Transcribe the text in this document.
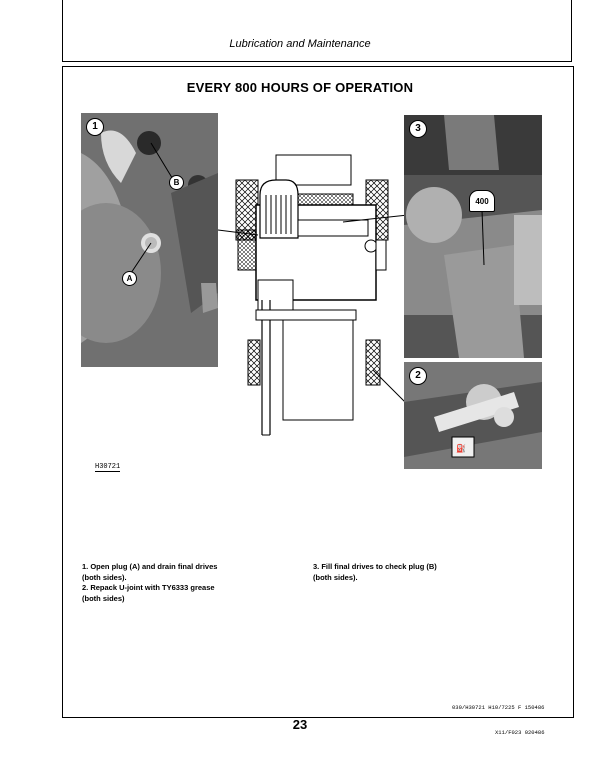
Lubrication and Maintenance
EVERY 800 HOURS OF OPERATION
1
B
A
3
400
2
⛽
H30721
1. Open plug (A) and drain final drives
(both sides).
2. Repack U-joint with TY6333 grease
(both sides)
3. Fill final drives to check plug (B)
(both sides).
030/H30721 H10/7225 F 150486
23
X11/F023 020486
